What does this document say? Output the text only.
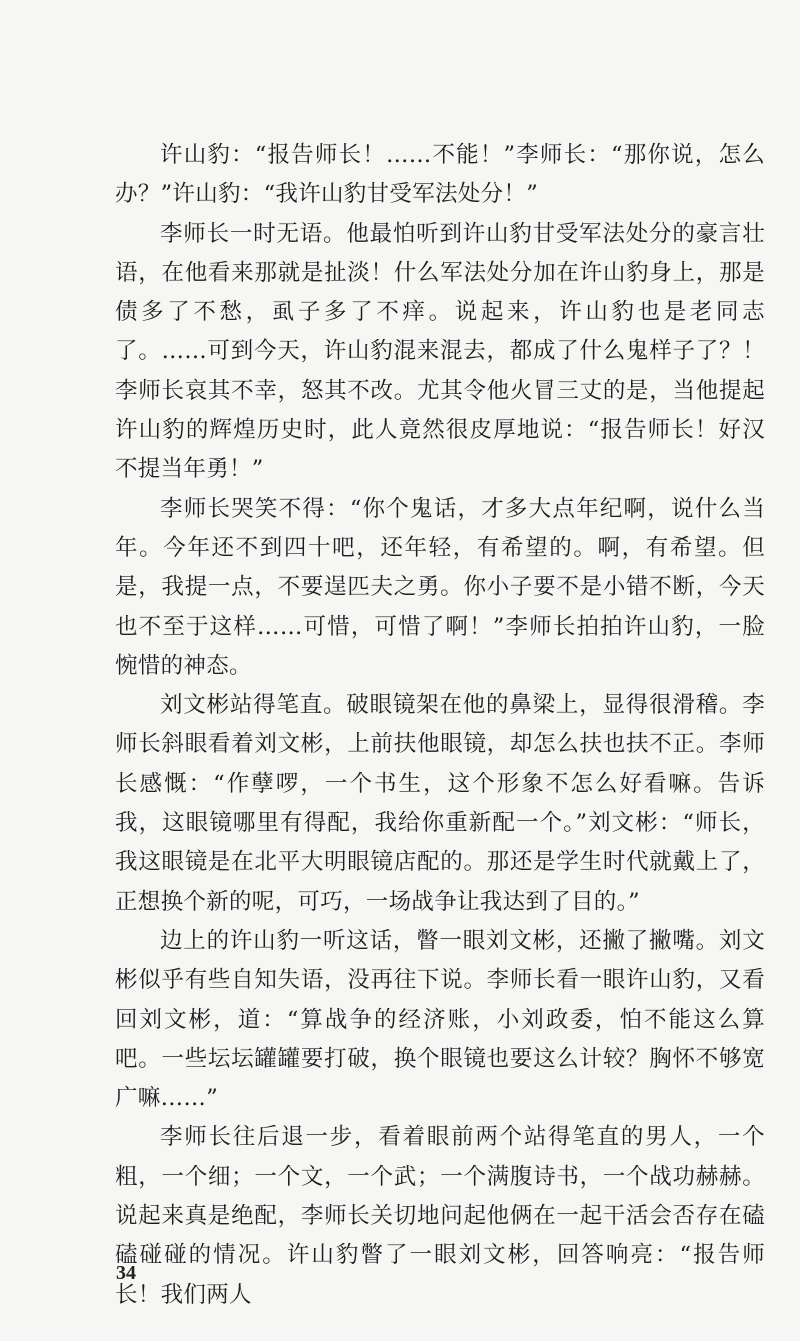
许山豹：“报告师长！……不能！”李师长：“那你说，怎么办？”许山豹：“我许山豹甘受军法处分！”

李师长一时无语。他最怕听到许山豹甘受军法处分的豪言壮语，在他看来那就是扯淡！什么军法处分加在许山豹身上，那是债多了不愁，虱子多了不痒。说起来，许山豹也是老同志了。……可到今天，许山豹混来混去，都成了什么鬼样子了？！李师长哀其不幸，怒其不改。尤其令他火冒三丈的是，当他提起许山豹的辉煌历史时，此人竟然很皮厚地说：“报告师长！好汉不提当年勇！”

李师长哭笑不得：“你个鬼话，才多大点年纪啊，说什么当年。今年还不到四十吧，还年轻，有希望的。啊，有希望。但是，我提一点，不要逞匹夫之勇。你小子要不是小错不断，今天也不至于这样……可惜，可惜了啊！”李师长拍拍许山豹，一脸惋惜的神态。

刘文彬站得笔直。破眼镜架在他的鼻梁上，显得很滑稽。李师长斜眼看着刘文彬，上前扶他眼镜，却怎么扶也扶不正。李师长感慨：“作孽啰，一个书生，这个形象不怎么好看嘛。告诉我，这眼镜哪里有得配，我给你重新配一个。”刘文彬：“师长，我这眼镜是在北平大明眼镜店配的。那还是学生时代就戴上了，正想换个新的呢，可巧，一场战争让我达到了目的。”

边上的许山豹一听这话，瞥一眼刘文彬，还撇了撇嘴。刘文彬似乎有些自知失语，没再往下说。李师长看一眼许山豹，又看回刘文彬，道：“算战争的经济账，小刘政委，怕不能这么算吧。一些坛坛罐罐要打破，换个眼镜也要这么计较？胸怀不够宽广嘛……”

李师长往后退一步，看着眼前两个站得笔直的男人，一个粗，一个细；一个文，一个武；一个满腹诗书，一个战功赫赫。说起来真是绝配，李师长关切地问起他俩在一起干活会否存在磕磕碰碰的情况。许山豹瞥了一眼刘文彬，回答响亮：“报告师长！我们两人

34
